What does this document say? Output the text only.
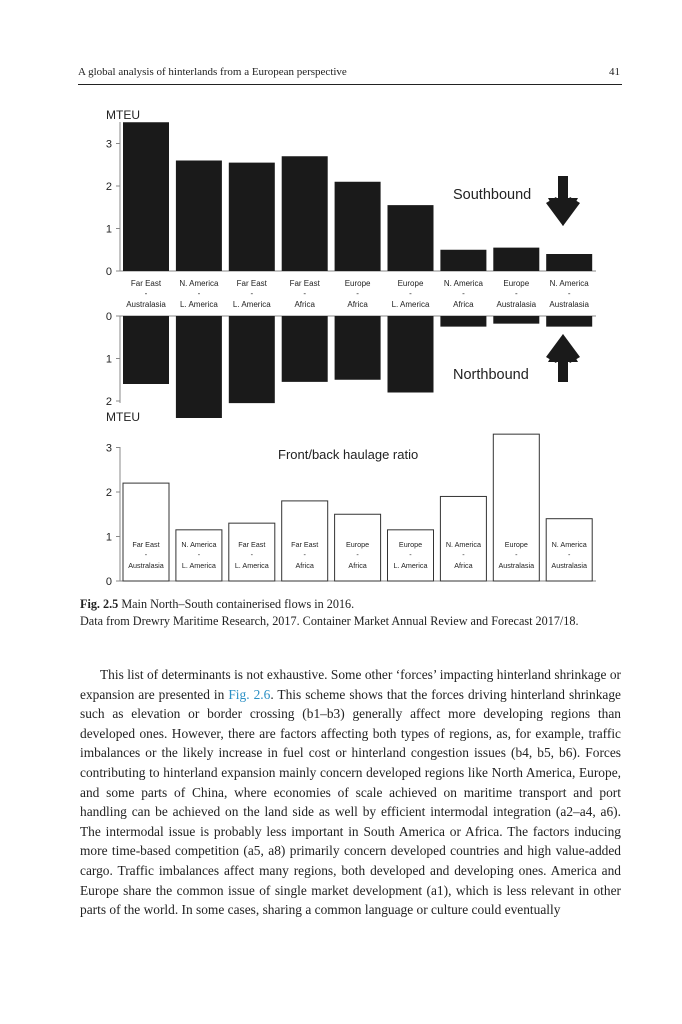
A global analysis of hinterlands from a European perspective	41
MTEU
0
1
2
3
Southbound
Far East
-
Australasia
N. America
-
L. America
Far East
-
L. America
Far East
-
Africa
Europe
-
Africa
Europe
-
L. America
N. America
-
Africa
Europe
-
Australasia
N. America
-
Australasia
0
1
2
MTEU
Northbound
0
1
2
3
Far East
-
Australasia
N. America
-
L. America
Far East
-
L. America
Far East
-
Africa
Europe
-
Africa
Europe
-
L. America
N. America
-
Africa
Europe
-
Australasia
N. America
-
Australasia
Front/back haulage ratio
Fig. 2.5 Main North–South containerised flows in 2016.
Data from Drewry Maritime Research, 2017. Container Market Annual Review and Forecast 2017/18.

This list of determinants is not exhaustive. Some other ‘forces’ impacting hinterland shrinkage or expansion are presented in Fig. 2.6. This scheme shows that the forces driving hinterland shrinkage such as elevation or border crossing (b1–b3) generally affect more developing regions than developed ones. However, there are factors affecting both types of regions, as, for example, traffic imbalances or the likely increase in fuel cost or hinterland congestion issues (b4, b5, b6). Forces contributing to hinterland expansion mainly concern developed regions like North America, Europe, and some parts of China, where economies of scale achieved on maritime transport and port handling can be achieved on the land side as well by efficient intermodal integration (a2–a4, a6). The intermodal issue is probably less important in South America or Africa. The factors inducing more time-based competition (a5, a8) primarily concern developed countries and high value-added cargo. Traffic imbalances affect many regions, both developed and developing ones. America and Europe share the common issue of single market development (a1), which is less relevant in other parts of the world. In some cases, sharing a common language or culture could eventually
